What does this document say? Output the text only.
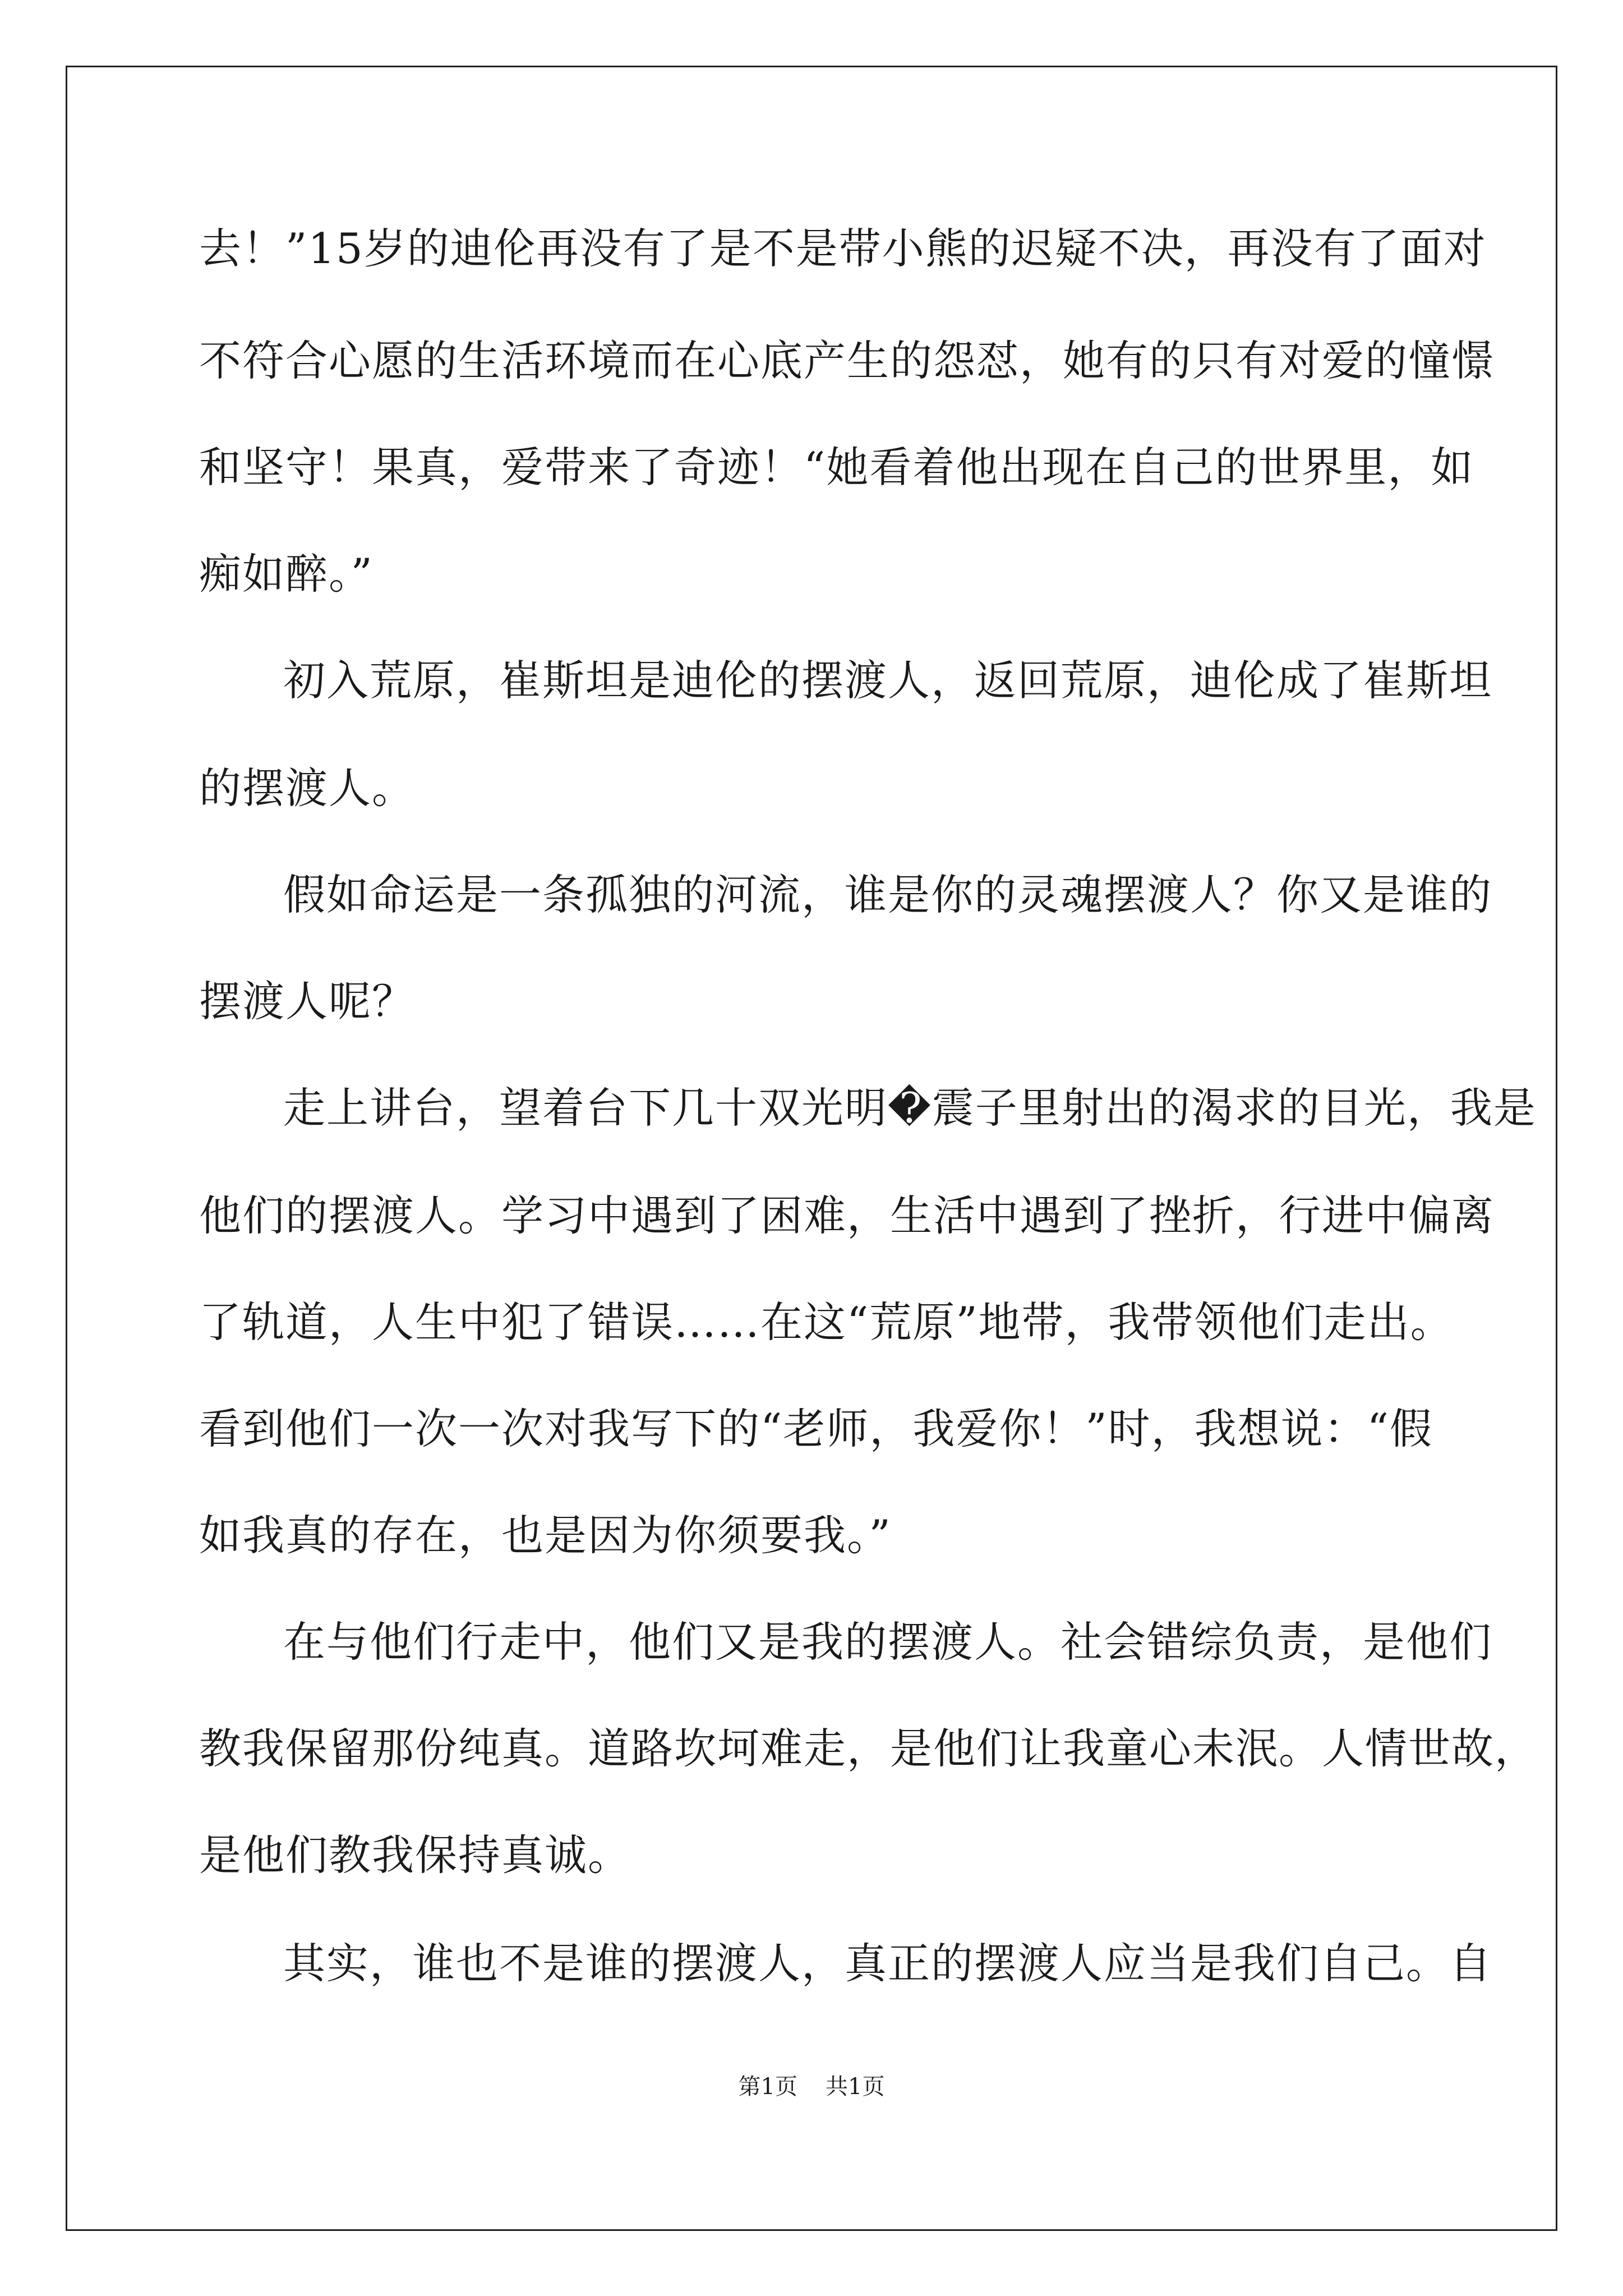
去！”15岁的迪伦再没有了是不是带小熊的迟疑不决，再没有了面对
不符合心愿的生活环境而在心底产生的怨怼，她有的只有对爱的憧憬
和坚守！果真，爱带来了奇迹！“她看着他出现在自己的世界里，如
痴如醉。”
初入荒原，崔斯坦是迪伦的摆渡人，返回荒原，迪伦成了崔斯坦
的摆渡人。
假如命运是一条孤独的河流，谁是你的灵魂摆渡人？你又是谁的
摆渡人呢？
走上讲台，望着台下几十双光明�震子里射出的渴求的目光，我是
他们的摆渡人。学习中遇到了困难，生活中遇到了挫折，行进中偏离
了轨道，人生中犯了错误……在这“荒原”地带，我带领他们走出。
看到他们一次一次对我写下的“老师，我爱你！”时，我想说：“假
如我真的存在，也是因为你须要我。”
在与他们行走中，他们又是我的摆渡人。社会错综负责，是他们
教我保留那份纯真。道路坎坷难走，是他们让我童心未泯。人情世故，
是他们教我保持真诚。
其实，谁也不是谁的摆渡人，真正的摆渡人应当是我们自己。自
第1页 共1页
